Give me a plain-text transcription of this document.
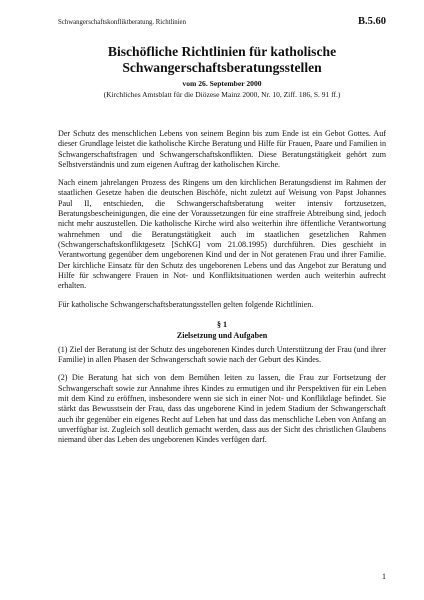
Schwangerschaftskonfliktberatung. Richtlinien	B.5.60
Bischöfliche Richtlinien für katholische
Schwangerschaftsberatungsstellen
vom 26. September 2000
(Kirchliches Amtsblatt für die Diözese Mainz 2000, Nr. 10, Ziff. 186, S. 91 ff.)

Der Schutz des menschlichen Lebens von seinem Beginn bis zum Ende ist ein Gebot Gottes. Auf dieser Grundlage leistet die katholische Kirche Beratung und Hilfe für Frauen, Paare und Familien in Schwangerschaftsfragen und Schwangerschaftskonflikten. Diese Beratungstätigkeit gehört zum Selbstverständnis und zum eigenen Auftrag der katholischen Kirche.

Nach einem jahrelangen Prozess des Ringens um den kirchlichen Beratungsdienst im Rahmen der staatlichen Gesetze haben die deutschen Bischöfe, nicht zuletzt auf Weisung von Papst Johannes Paul II, entschieden, die Schwangerschaftsberatung weiter intensiv fortzusetzen, Beratungsbescheinigungen, die eine der Voraussetzungen für eine straffreie Abtreibung sind, jedoch nicht mehr auszustellen. Die katholische Kirche wird also weiterhin ihre öffentliche Verantwortung wahrnehmen und die Beratungstätigkeit auch im staatlichen gesetzlichen Rahmen (Schwangerschaftskonfliktgesetz [SchKG] vom 21.08.1995) durchführen. Dies geschieht in Verantwortung gegenüber dem ungeborenen Kind und der in Not geratenen Frau und ihrer Familie. Der kirchliche Einsatz für den Schutz des ungeborenen Lebens und das Angebot zur Beratung und Hilfe für schwangere Frauen in Not- und Konfliktsituationen werden auch weiterhin aufrecht erhalten.

Für katholische Schwangerschaftsberatungsstellen gelten folgende Richtlinien.

§ 1
Zielsetzung und Aufgaben

(1) Ziel der Beratung ist der Schutz des ungeborenen Kindes durch Unterstützung der Frau (und ihrer Familie) in allen Phasen der Schwangerschaft sowie nach der Geburt des Kindes.

(2) Die Beratung hat sich von dem Bemühen leiten zu lassen, die Frau zur Fortsetzung der Schwangerschaft sowie zur Annahme ihres Kindes zu ermutigen und ihr Perspektiven für ein Leben mit dem Kind zu eröffnen, insbesondere wenn sie sich in einer Not- und Konfliktlage befindet. Sie stärkt das Bewusstsein der Frau, dass das ungeborene Kind in jedem Stadium der Schwangerschaft auch ihr gegenüber ein eigenes Recht auf Leben hat und dass das menschliche Leben von Anfang an unverfügbar ist. Zugleich soll deutlich gemacht werden, dass aus der Sicht des christlichen Glaubens niemand über das Leben des ungeborenen Kindes verfügen darf.

1
